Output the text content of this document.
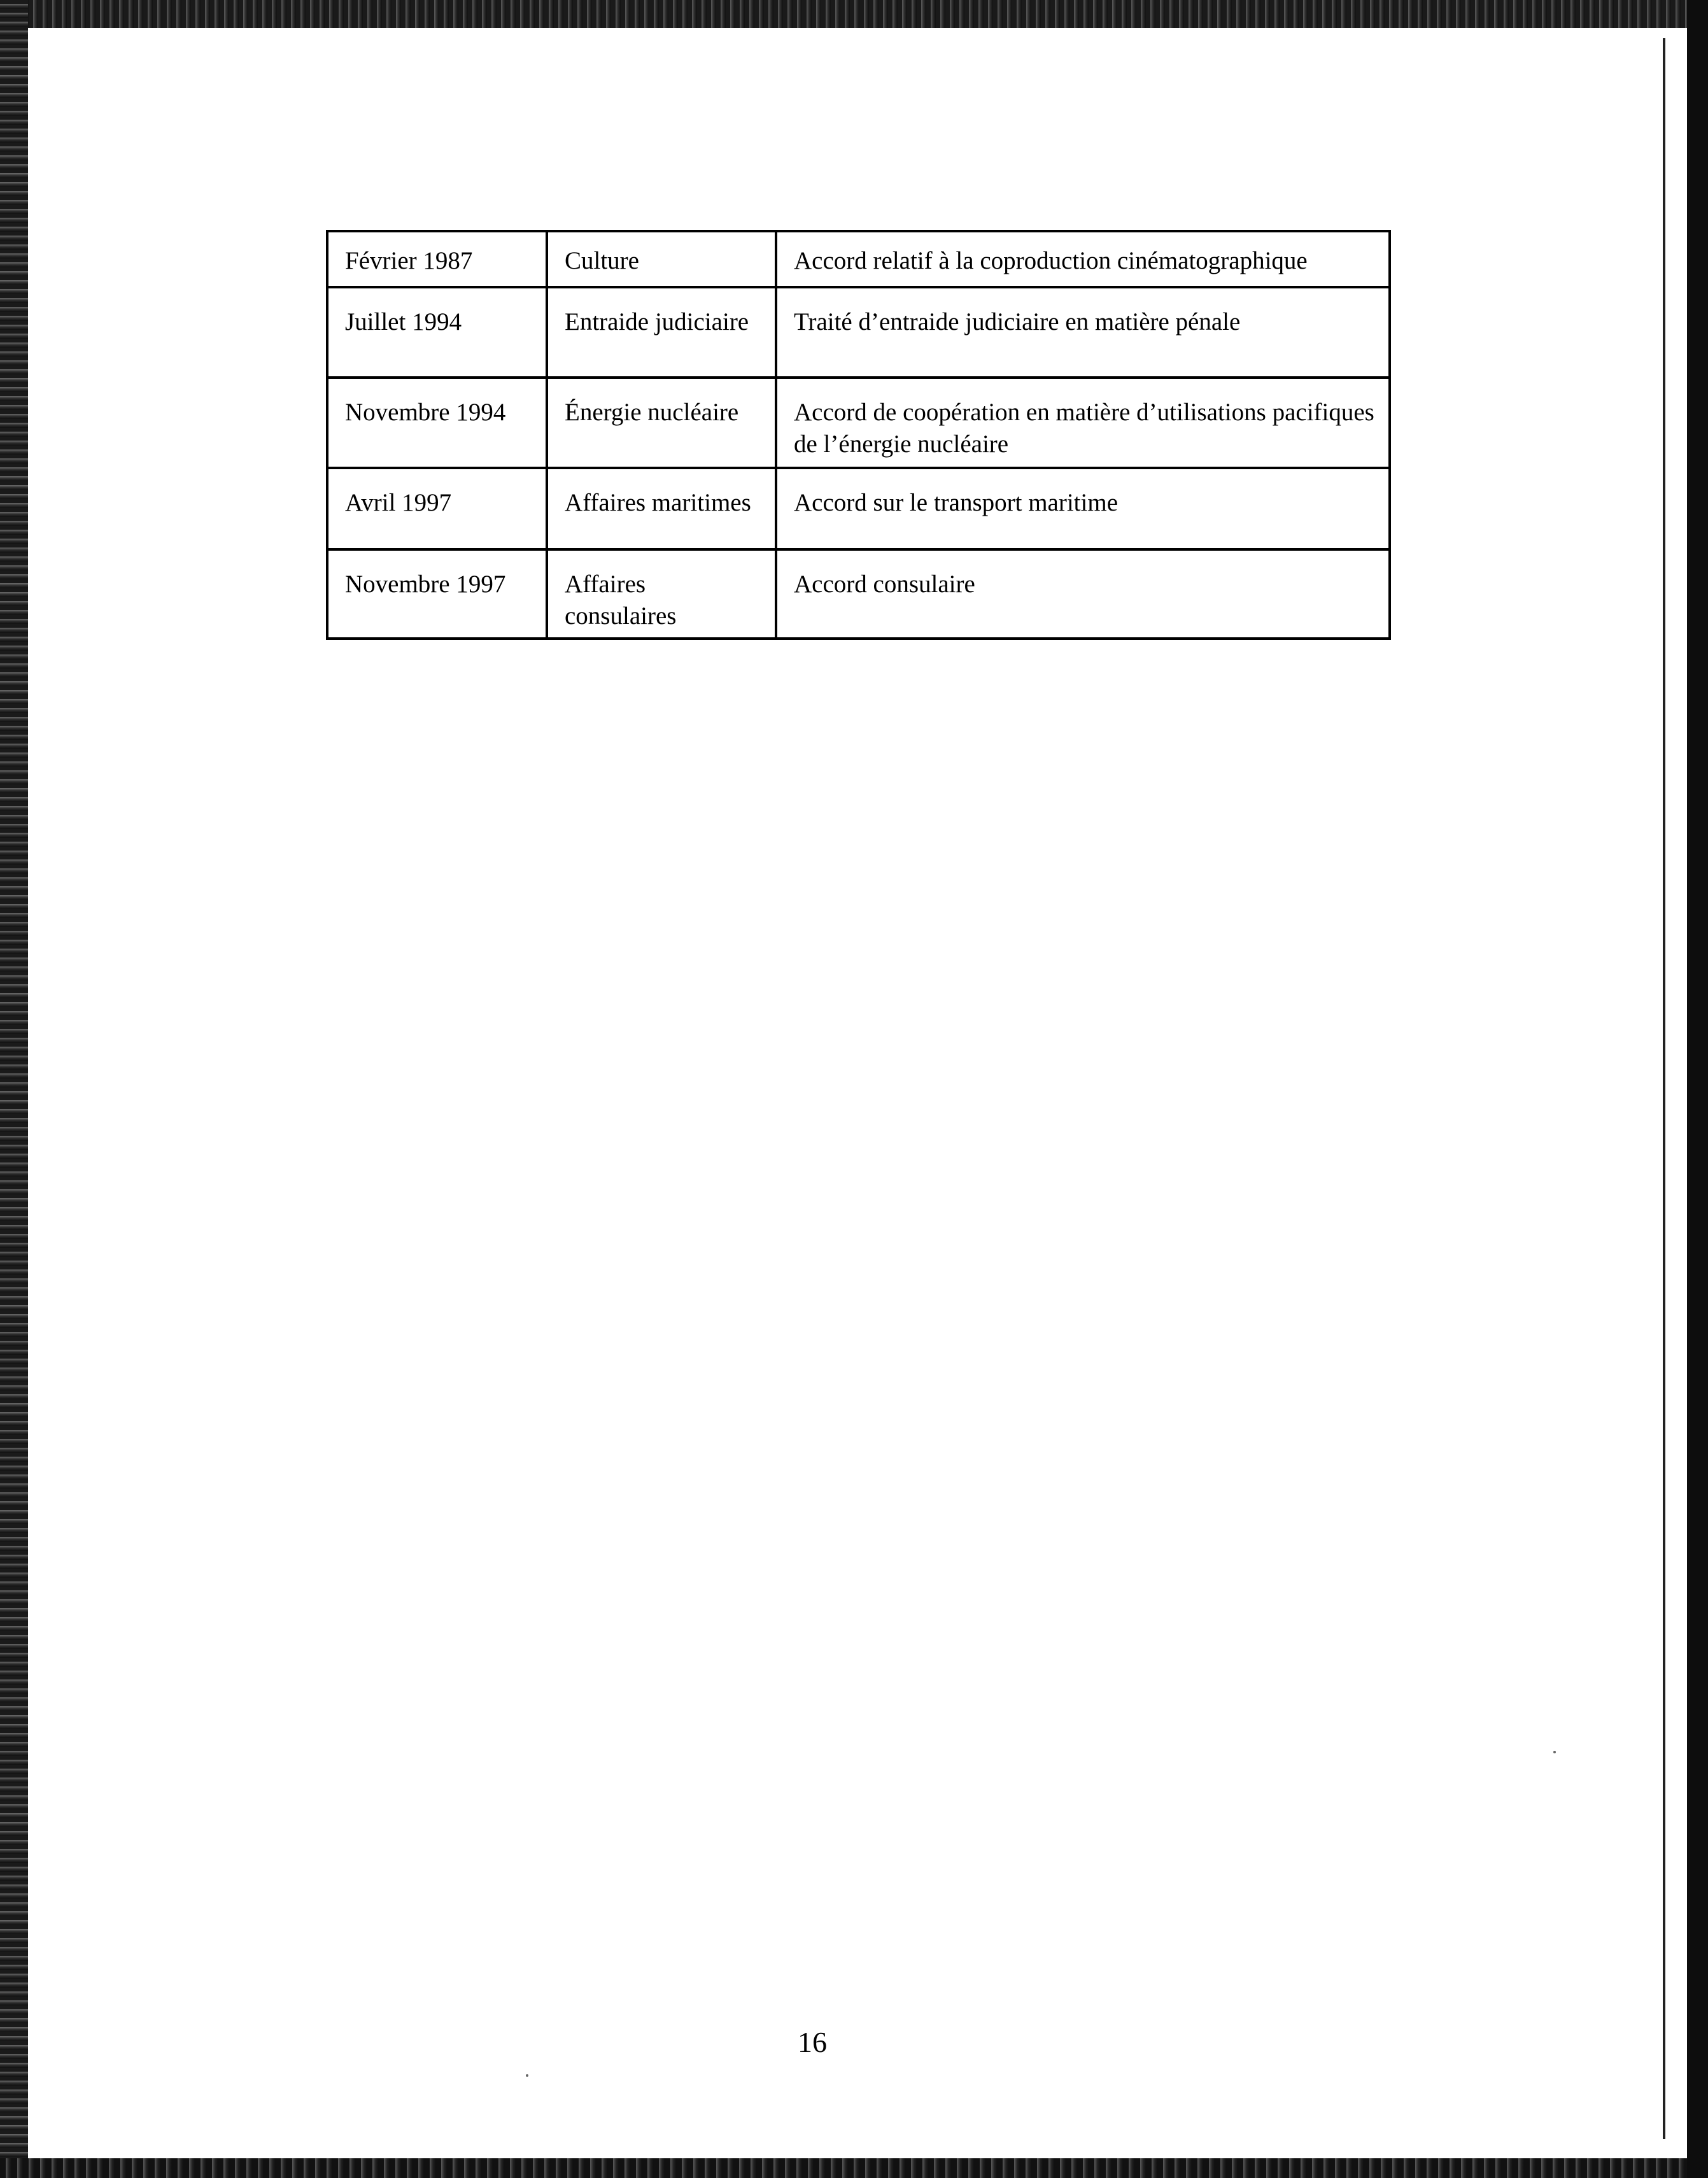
Février 1987	Culture	Accord relatif à la coproduction cinématographique
Juillet 1994	Entraide judiciaire	Traité d’entraide judiciaire en matière pénale
Novembre 1994	Énergie nucléaire	Accord de coopération en matière d’utilisations pacifiques de l’énergie nucléaire
Avril 1997	Affaires maritimes	Accord sur le transport maritime
Novembre 1997	Affaires consulaires	Accord consulaire
16
